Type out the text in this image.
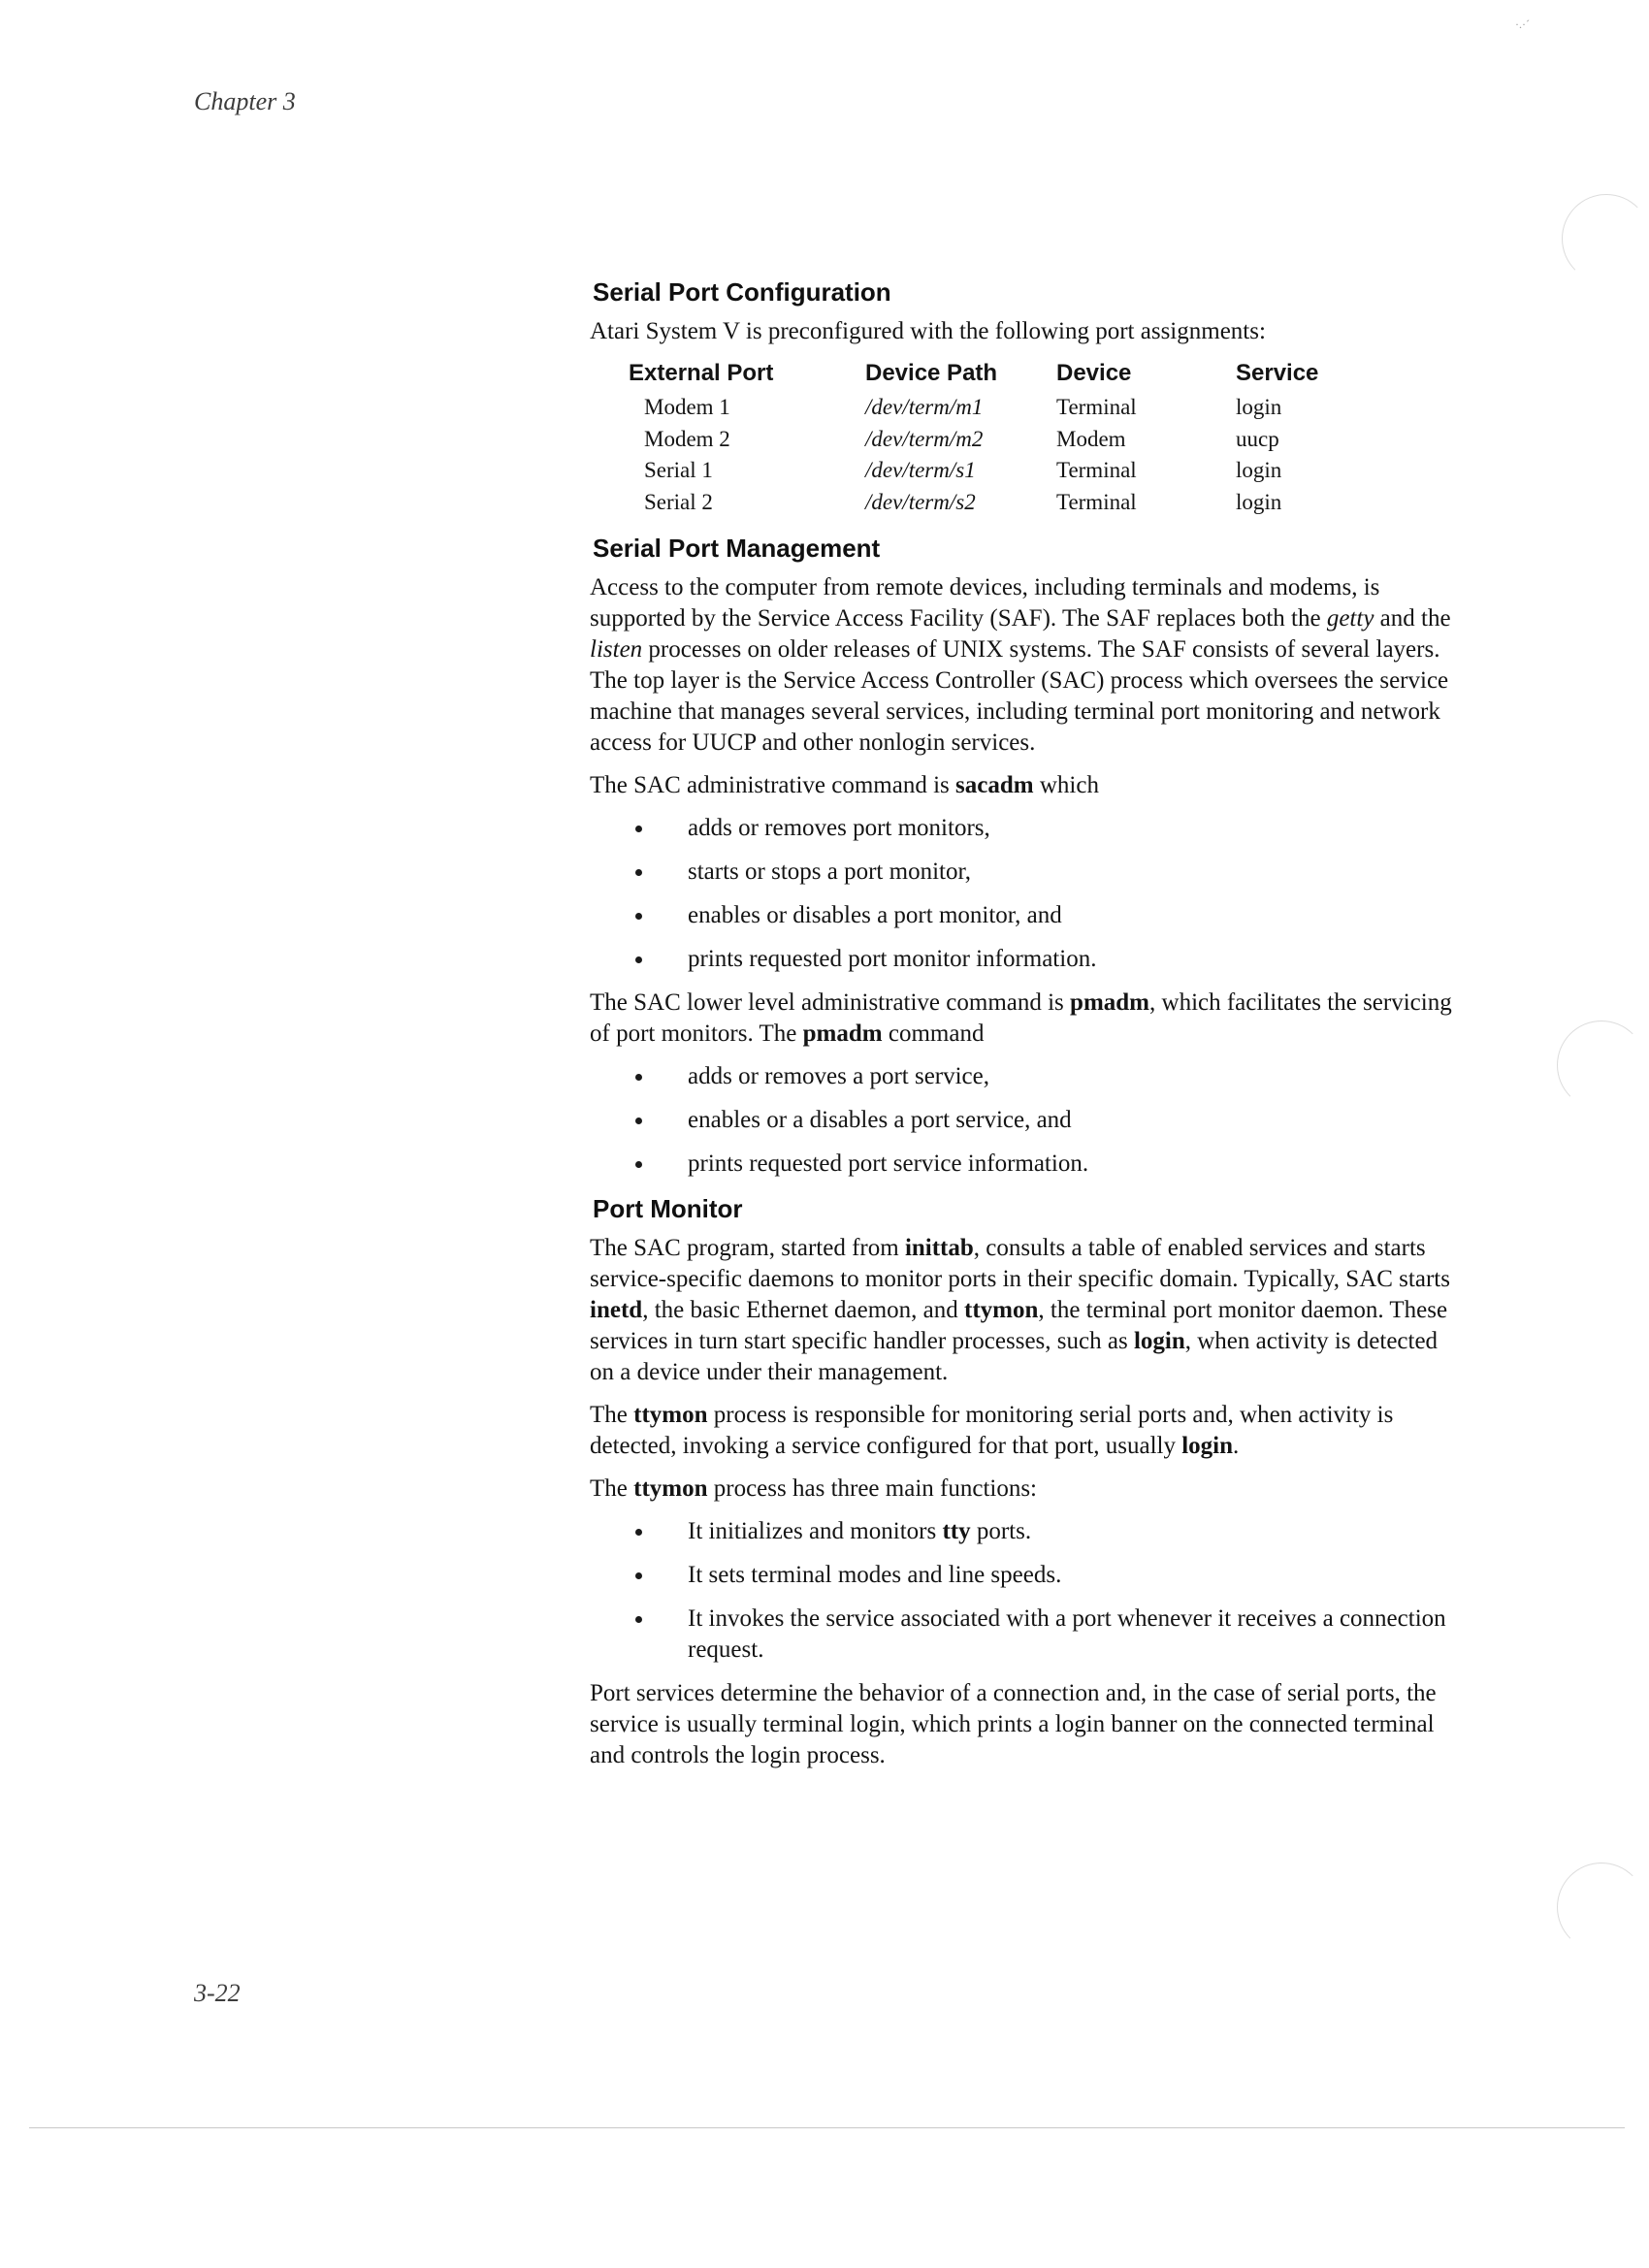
Chapter 3
·.·´
Serial Port Configuration

Atari System V is preconfigured with the following port assignments:

External Port	Device Path	Device	Service
Modem 1	/dev/term/m1	Terminal	login
Modem 2	/dev/term/m2	Modem	uucp
Serial 1	/dev/term/s1	Terminal	login
Serial 2	/dev/term/s2	Terminal	login
Serial Port Management

Access to the computer from remote devices, including terminals and modems, is supported by the Service Access Facility (SAF). The SAF replaces both the getty and the listen processes on older releases of UNIX systems. The SAF consists of several layers. The top layer is the Service Access Controller (SAC) process which oversees the service machine that manages several services, including terminal port monitoring and network access for UUCP and other nonlogin services.

The SAC administrative command is sacadm which

adds or removes port monitors,
starts or stops a port monitor,
enables or disables a port monitor, and
prints requested port monitor information.

The SAC lower level administrative command is pmadm, which facilitates the servicing of port monitors. The pmadm command

adds or removes a port service,
enables or a disables a port service, and
prints requested port service information.
Port Monitor

The SAC program, started from inittab, consults a table of enabled services and starts service-specific daemons to monitor ports in their specific domain. Typically, SAC starts inetd, the basic Ethernet daemon, and ttymon, the terminal port monitor daemon. These services in turn start specific handler processes, such as login, when activity is detected on a device under their management.

The ttymon process is responsible for monitoring serial ports and, when activity is detected, invoking a service configured for that port, usually login.

The ttymon process has three main functions:

It initializes and monitors tty ports.
It sets terminal modes and line speeds.
It invokes the service associated with a port whenever it receives a connection request.

Port services determine the behavior of a connection and, in the case of serial ports, the service is usually terminal login, which prints a login banner on the connected terminal and controls the login process.

3-22
